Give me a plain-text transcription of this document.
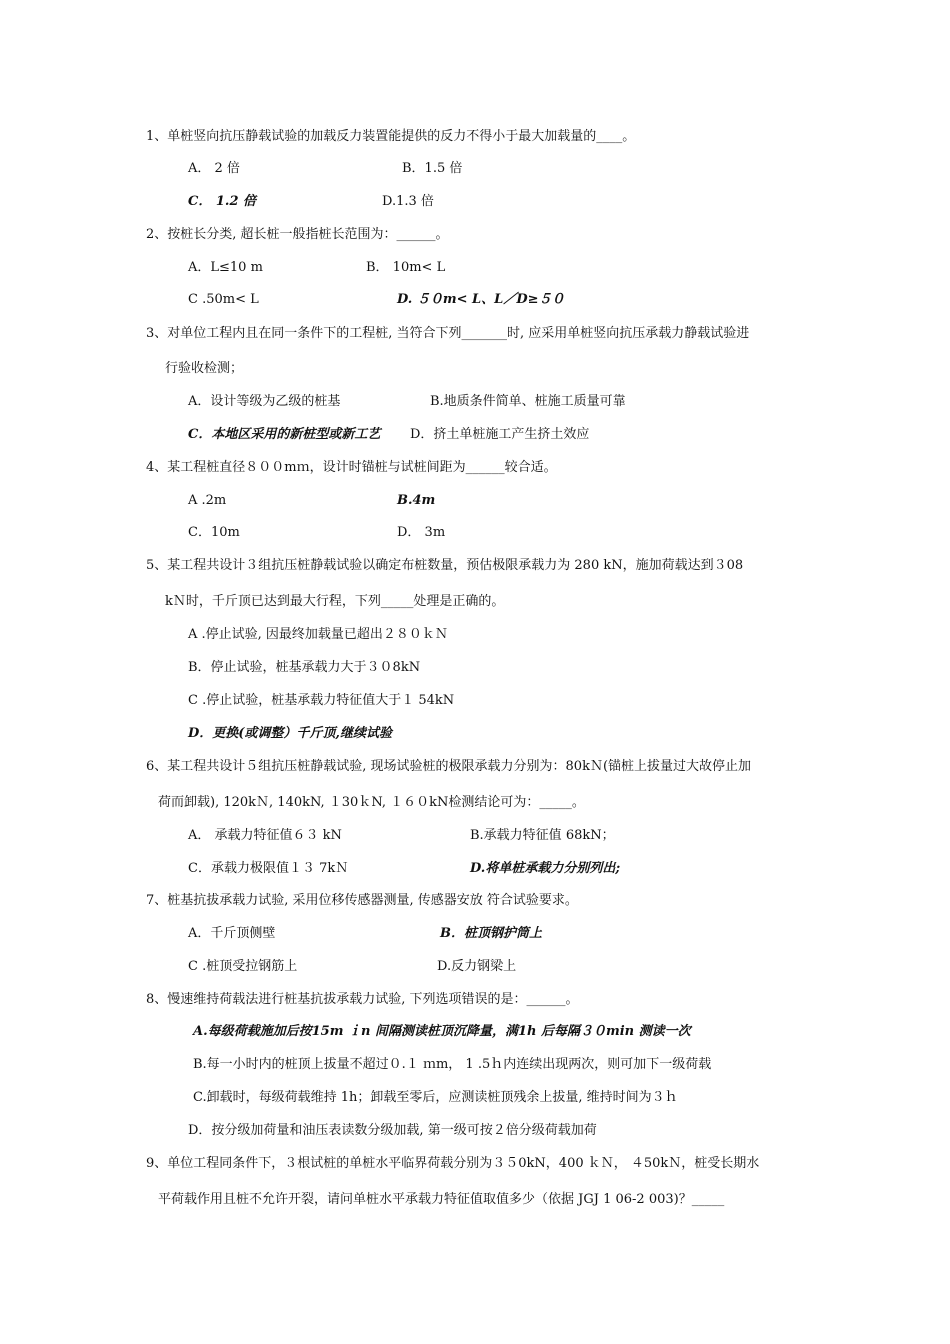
1、单桩竖向抗压静载试验的加载反力装置能提供的反力不得小于最大加载量的____。
A． 2 倍	B．1.5 倍
C． 1.2 倍	D.1.3 倍
2、按桩长分类, 超长桩一般指桩长范围为：______。
A．L≤10 m	B． 10m< L
C .50m< L	D. ５０m< L、L／D≥５０
3、对单位工程内且在同一条件下的工程桩, 当符合下列_______时, 应采用单桩竖向抗压承载力静载试验进
行验收检测；
A．设计等级为乙级的桩基	B.地质条件简单、桩施工质量可靠
C．本地区采用的新桩型或新工艺 D．挤土单桩施工产生挤土效应
4、某工程桩直径８００mｍ，设计时锚桩与试桩间距为______较合适。
A .2m	B.4m
C．10m	D． 3m
5、某工程共设计３组抗压桩静载试验以确定布桩数量，预估极限承载力为 280 kN，施加荷载达到３08
kＮ时，千斤顶已达到最大行程，下列_____处理是正确的。
A .停止试验, 因最终加载量已超出２８０ｋＮ
B．停止试验，桩基承载力大于３０8kN
C .停止试验，桩基承载力特征值大于１ 54kN
D．更换(或调整）千斤顶,继续试验
6、某工程共设计５组抗压桩静载试验, 现场试验桩的极限承载力分别为：80kＮ(锚桩上拔量过大故停止加
荷而卸载), 120kＮ, 140kN, １30ｋN, １６０kN检测结论可为：_____。
A． 承载力特征值６３ kN	B.承载力特征值 68kN；
C．承载力极限值１３ 7kＮ	D.将单桩承载力分别列出;
7、桩基抗拔承载力试验, 采用位移传感器测量, 传感器安放 符合试验要求。
A．千斤顶侧壁	B．桩顶钢护筒上
C .桩顶受拉钢筋上	D.反力钢梁上
8、慢速维持荷载法进行桩基抗拔承载力试验, 下列选项错误的是：______。
A.每级荷载施加后按15m ｉn 间隔测读桩顶沉降量，满1h 后每隔３０min 测读一次
B.每一小时内的桩顶上拔量不超过０.１ ｍm， 1 .5ｈ内连续出现两次，则可加下一级荷载
C.卸载时，每级荷载维持 1h；卸载至零后，应测读桩顶残余上拔量, 维持时间为３ｈ
D．按分级加荷量和油压表读数分级加载, 第一级可按２倍分级荷载加荷
9、单位工程同条件下，３根试桩的单桩水平临界荷载分别为３５0kN，400 ｋＮ， ４50kＮ，桩受长期水
平荷载作用且桩不允许开裂，请问单桩水平承载力特征值取值多少（依据 JGJ 1 06-2 003)？_____
